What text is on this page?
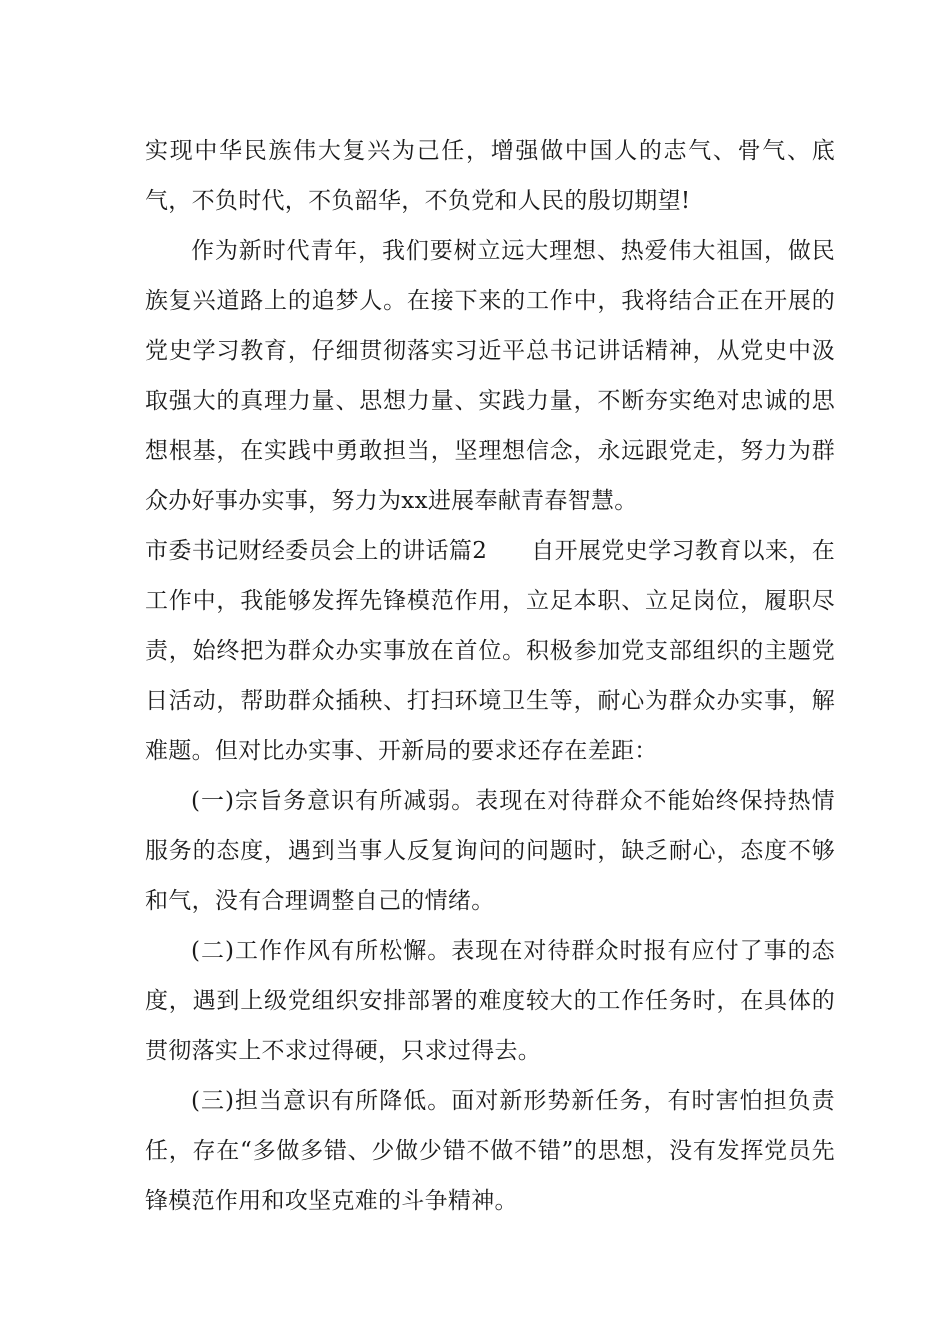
实现中华民族伟大复兴为己任，增强做中国人的志气、骨气、底气，不负时代，不负韶华，不负党和人民的殷切期望!

作为新时代青年，我们要树立远大理想、热爱伟大祖国，做民族复兴道路上的追梦人。在接下来的工作中，我将结合正在开展的党史学习教育，仔细贯彻落实习近平总书记讲话精神，从党史中汲取强大的真理力量、思想力量、实践力量，不断夯实绝对忠诚的思想根基，在实践中勇敢担当，坚理想信念，永远跟党走，努力为群众办好事办实事，努力为xx进展奉献青春智慧。

市委书记财经委员会上的讲话篇2 自开展党史学习教育以来，在工作中，我能够发挥先锋模范作用，立足本职、立足岗位，履职尽责，始终把为群众办实事放在首位。积极参加党支部组织的主题党日活动，帮助群众插秧、打扫环境卫生等，耐心为群众办实事，解难题。但对比办实事、开新局的要求还存在差距：

(一)宗旨务意识有所减弱。表现在对待群众不能始终保持热情服务的态度，遇到当事人反复询问的问题时，缺乏耐心，态度不够和气，没有合理调整自己的情绪。

(二)工作作风有所松懈。表现在对待群众时报有应付了事的态度，遇到上级党组织安排部署的难度较大的工作任务时，在具体的贯彻落实上不求过得硬，只求过得去。

(三)担当意识有所降低。面对新形势新任务，有时害怕担负责任，存在“多做多错、少做少错不做不错”的思想，没有发挥党员先锋模范作用和攻坚克难的斗争精神。
